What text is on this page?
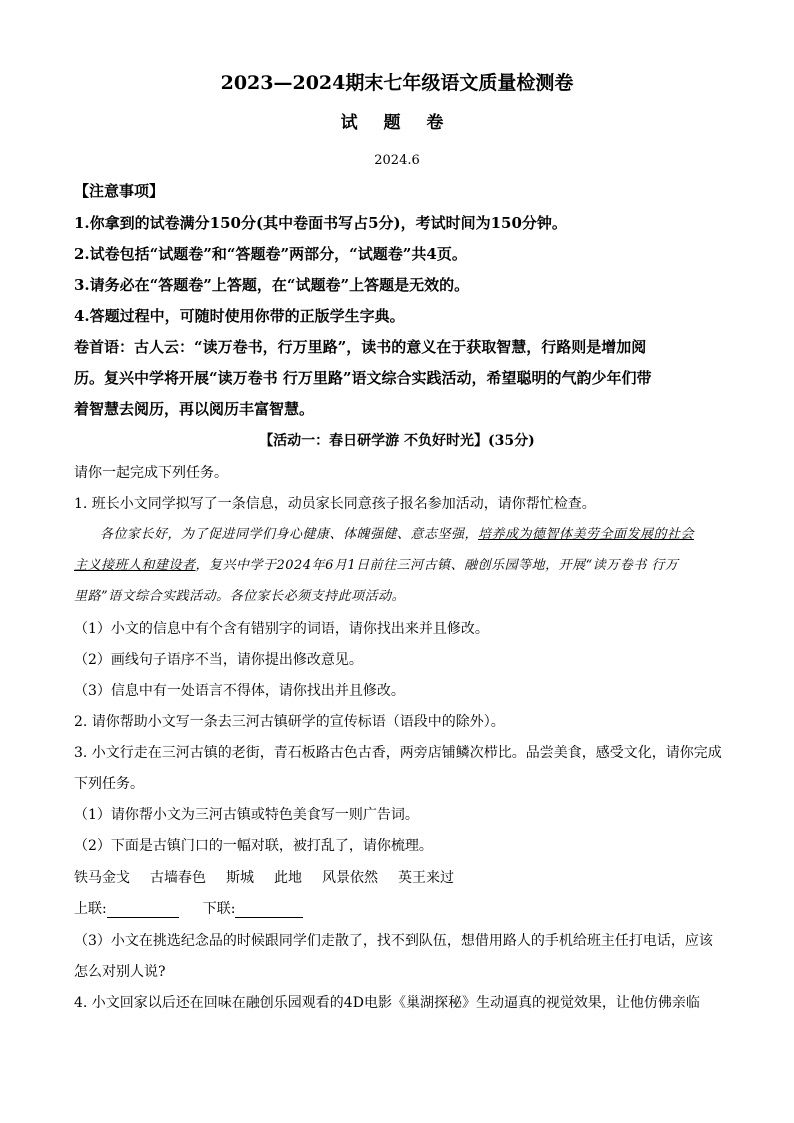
2023—2024期末七年级语文质量检测卷
试 题 卷
2024.6
【注意事项】
1.你拿到的试卷满分150分(其中卷面书写占5分)，考试时间为150分钟。
2.试卷包括“试题卷”和“答题卷”两部分，“试题卷”共4页。
3.请务必在“答题卷”上答题，在“试题卷”上答题是无效的。
4.答题过程中，可随时使用你带的正版学生字典。
卷首语：古人云：“读万卷书，行万里路”，读书的意义在于获取智慧，行路则是增加阅
历。复兴中学将开展“读万卷书 行万里路”语文综合实践活动，希望聪明的气韵少年们带
着智慧去阅历，再以阅历丰富智慧。
【活动一：春日研学游 不负好时光】(35分)
请你一起完成下列任务。
1. 班长小文同学拟写了一条信息，动员家长同意孩子报名参加活动，请你帮忙检查。
各位家长好，为了促进同学们身心健康、体魄强健、意志坚强，培养成为德智体美劳全面发展的社会
主义接班人和建设者，复兴中学于2024年6月1日前往三河古镇、融创乐园等地，开展“读万卷书 行万
里路”语文综合实践活动。各位家长必须支持此项活动。
（1）小文的信息中有个含有错别字的词语，请你找出来并且修改。
（2）画线句子语序不当，请你提出修改意见。
（3）信息中有一处语言不得体，请你找出并且修改。
2. 请你帮助小文写一条去三河古镇研学的宣传标语（语段中的除外）。
3. 小文行走在三河古镇的老街，青石板路古色古香，两旁店铺鳞次栉比。品尝美食，感受文化，请你完成
下列任务。
（1）请你帮小文为三河古镇或特色美食写一则广告词。
（2）下面是古镇门口的一幅对联，被打乱了，请你梳理。
铁马金戈 古墙春色 斯城 此地 风景依然 英王来过
上联:	下联:
（3）小文在挑选纪念品的时候跟同学们走散了，找不到队伍，想借用路人的手机给班主任打电话，应该
怎么对别人说?
4. 小文回家以后还在回味在融创乐园观看的4D电影《巢湖探秘》生动逼真的视觉效果，让他仿佛亲临
